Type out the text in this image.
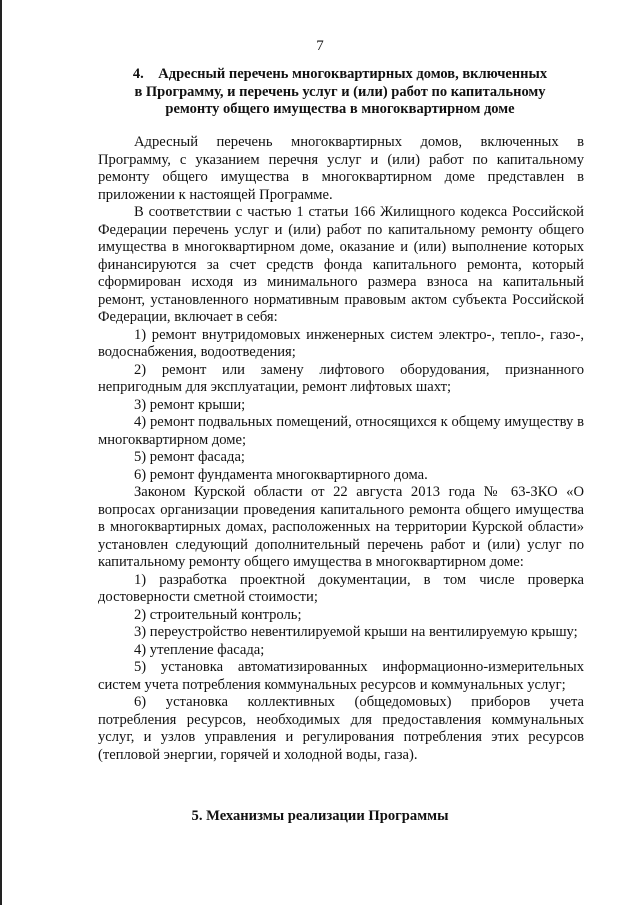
7
4. Адресный перечень многоквартирных домов, включенных
в Программу, и перечень услуг и (или) работ по капитальному
ремонту общего имущества в многоквартирном доме

Адресный перечень многоквартирных домов, включенных в Программу, с указанием перечня услуг и (или) работ по капитальному ремонту общего имущества в многоквартирном доме представлен в приложении к настоящей Программе.

В соответствии с частью 1 статьи 166 Жилищного кодекса Российской Федерации перечень услуг и (или) работ по капитальному ремонту общего имущества в многоквартирном доме, оказание и (или) выполнение которых финансируются за счет средств фонда капитального ремонта, который сформирован исходя из минимального размера взноса на капитальный ремонт, установленного нормативным правовым актом субъекта Российской Федерации, включает в себя:

1) ремонт внутридомовых инженерных систем электро-, тепло-, газо-, водоснабжения, водоотведения;

2) ремонт или замену лифтового оборудования, признанного непригодным для эксплуатации, ремонт лифтовых шахт;

3) ремонт крыши;

4) ремонт подвальных помещений, относящихся к общему имуществу в многоквартирном доме;

5) ремонт фасада;

6) ремонт фундамента многоквартирного дома.

Законом Курской области от 22 августа 2013 года № 63-ЗКО «О вопросах организации проведения капитального ремонта общего имущества в многоквартирных домах, расположенных на территории Курской области» установлен следующий дополнительный перечень работ и (или) услуг по капитальному ремонту общего имущества в многоквартирном доме:

1) разработка проектной документации, в том числе проверка достоверности сметной стоимости;

2) строительный контроль;

3) переустройство невентилируемой крыши на вентилируемую крышу;

4) утепление фасада;

5) установка автоматизированных информационно-измерительных систем учета потребления коммунальных ресурсов и коммунальных услуг;

6) установка коллективных (общедомовых) приборов учета потребления ресурсов, необходимых для предоставления коммунальных услуг, и узлов управления и регулирования потребления этих ресурсов (тепловой энергии, горячей и холодной воды, газа).

5. Механизмы реализации Программы
